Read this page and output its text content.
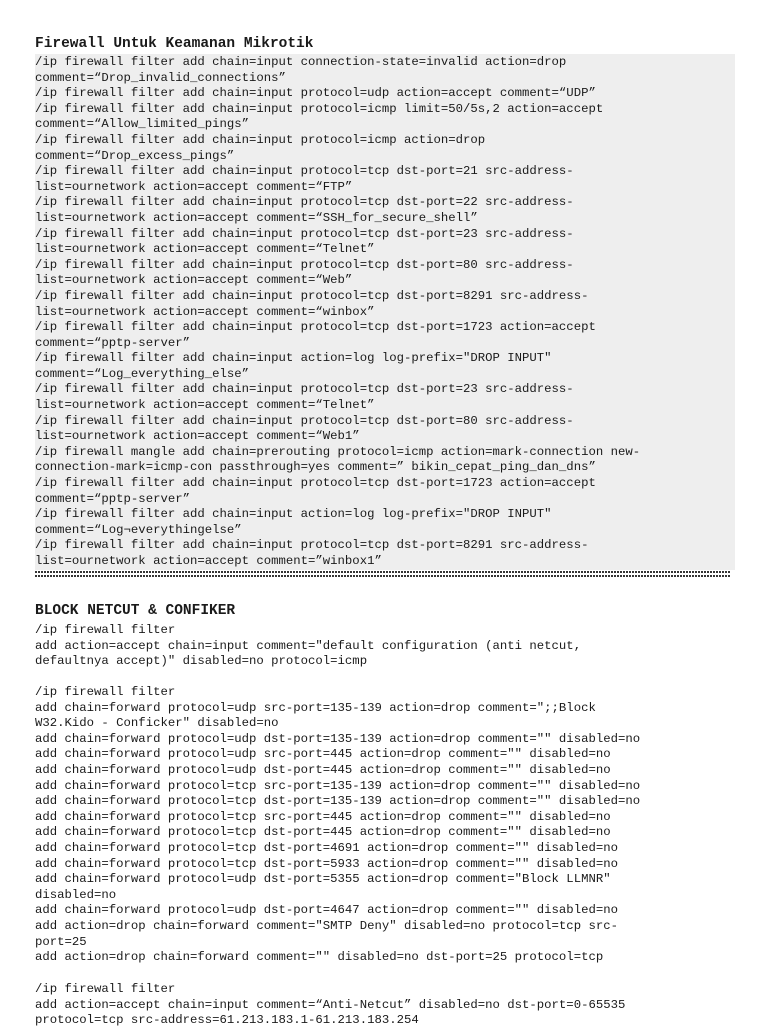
Firewall Untuk Keamanan Mikrotik
/ip firewall filter add chain=input connection-state=invalid action=drop
comment=“Drop_invalid_connections”
/ip firewall filter add chain=input protocol=udp action=accept comment=“UDP”
/ip firewall filter add chain=input protocol=icmp limit=50/5s,2 action=accept
comment=“Allow_limited_pings”
/ip firewall filter add chain=input protocol=icmp action=drop
comment=“Drop_excess_pings”
/ip firewall filter add chain=input protocol=tcp dst-port=21 src-address-
list=ournetwork action=accept comment=“FTP”
/ip firewall filter add chain=input protocol=tcp dst-port=22 src-address-
list=ournetwork action=accept comment=“SSH_for_secure_shell”
/ip firewall filter add chain=input protocol=tcp dst-port=23 src-address-
list=ournetwork action=accept comment=“Telnet”
/ip firewall filter add chain=input protocol=tcp dst-port=80 src-address-
list=ournetwork action=accept comment=“Web”
/ip firewall filter add chain=input protocol=tcp dst-port=8291 src-address-
list=ournetwork action=accept comment=“winbox”
/ip firewall filter add chain=input protocol=tcp dst-port=1723 action=accept
comment=“pptp-server”
/ip firewall filter add chain=input action=log log-prefix="DROP INPUT"
comment=“Log_everything_else”
/ip firewall filter add chain=input protocol=tcp dst-port=23 src-address-
list=ournetwork action=accept comment=“Telnet”
/ip firewall filter add chain=input protocol=tcp dst-port=80 src-address-
list=ournetwork action=accept comment=“Web1”
/ip firewall mangle add chain=prerouting protocol=icmp action=mark-connection new-
connection-mark=icmp-con passthrough=yes comment=” bikin_cepat_ping_dan_dns”
/ip firewall filter add chain=input protocol=tcp dst-port=1723 action=accept
comment=“pptp-server”
/ip firewall filter add chain=input action=log log-prefix="DROP INPUT"
comment=“Log¬everythingelse”
/ip firewall filter add chain=input protocol=tcp dst-port=8291 src-address-
list=ournetwork action=accept comment=”winbox1”
BLOCK NETCUT & CONFIKER
/ip firewall filter
add action=accept chain=input comment="default configuration (anti netcut,
defaultnya accept)" disabled=no protocol=icmp
/ip firewall filter
add chain=forward protocol=udp src-port=135-139 action=drop comment=";;Block
W32.Kido - Conficker" disabled=no
add chain=forward protocol=udp dst-port=135-139 action=drop comment="" disabled=no
add chain=forward protocol=udp src-port=445 action=drop comment="" disabled=no
add chain=forward protocol=udp dst-port=445 action=drop comment="" disabled=no
add chain=forward protocol=tcp src-port=135-139 action=drop comment="" disabled=no
add chain=forward protocol=tcp dst-port=135-139 action=drop comment="" disabled=no
add chain=forward protocol=tcp src-port=445 action=drop comment="" disabled=no
add chain=forward protocol=tcp dst-port=445 action=drop comment="" disabled=no
add chain=forward protocol=tcp dst-port=4691 action=drop comment="" disabled=no
add chain=forward protocol=tcp dst-port=5933 action=drop comment="" disabled=no
add chain=forward protocol=udp dst-port=5355 action=drop comment="Block LLMNR"
disabled=no
add chain=forward protocol=udp dst-port=4647 action=drop comment="" disabled=no
add action=drop chain=forward comment="SMTP Deny" disabled=no protocol=tcp src-
port=25
add action=drop chain=forward comment="" disabled=no dst-port=25 protocol=tcp
/ip firewall filter
add action=accept chain=input comment=“Anti-Netcut” disabled=no dst-port=0-65535
protocol=tcp src-address=61.213.183.1-61.213.183.254
